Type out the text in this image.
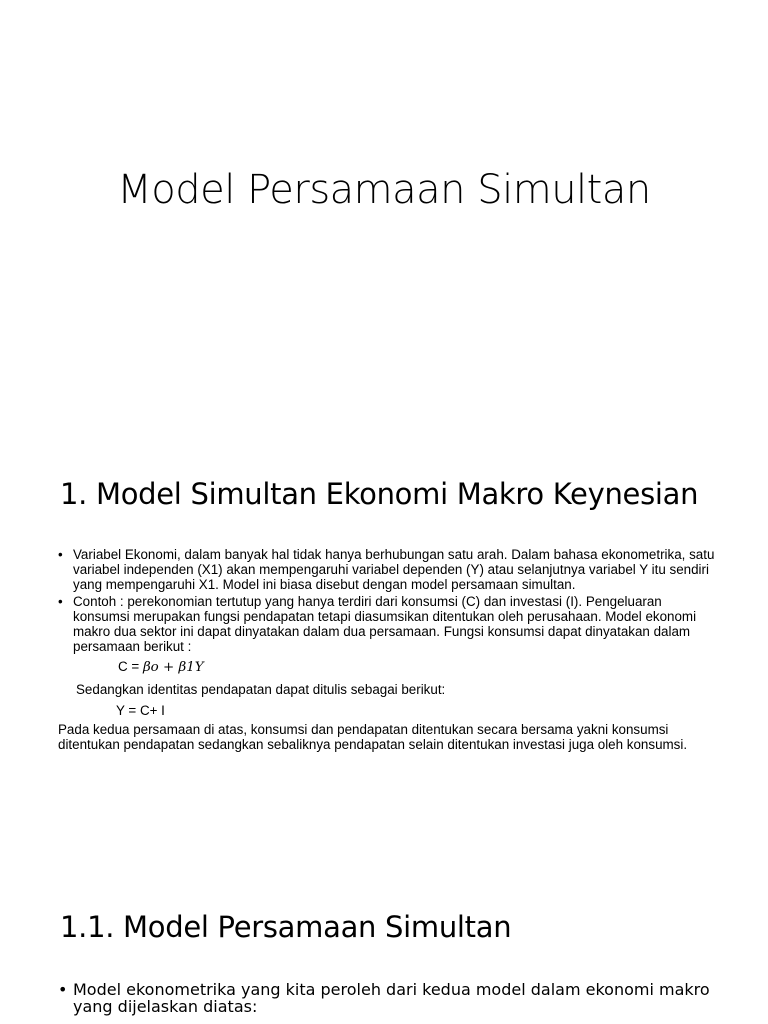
Model Persamaan Simultan
1. Model Simultan Ekonomi Makro Keynesian
• Variabel Ekonomi, dalam banyak hal tidak hanya berhubungan satu arah. Dalam bahasa ekonometrika, satu variabel independen (X1) akan mempengaruhi variabel dependen (Y) atau selanjutnya variabel Y itu sendiri yang mempengaruhi X1. Model ini biasa disebut dengan model persamaan simultan.
• Contoh : perekonomian tertutup yang hanya terdiri dari konsumsi (C) dan investasi (I). Pengeluaran konsumsi merupakan fungsi pendapatan tetapi diasumsikan ditentukan oleh perusahaan. Model ekonomi makro dua sektor ini dapat dinyatakan dalam dua persamaan. Fungsi konsumsi dapat dinyatakan dalam persamaan berikut :
C = βo + β1Y
Sedangkan identitas pendapatan dapat ditulis sebagai berikut:
Y = C+ I

Pada kedua persamaan di atas, konsumsi dan pendapatan ditentukan secara bersama yakni konsumsi ditentukan pendapatan sedangkan sebaliknya pendapatan selain ditentukan investasi juga oleh konsumsi.

1.1. Model Persamaan Simultan
• Model ekonometrika yang kita peroleh dari kedua model dalam ekonomi makro yang dijelaskan diatas:
